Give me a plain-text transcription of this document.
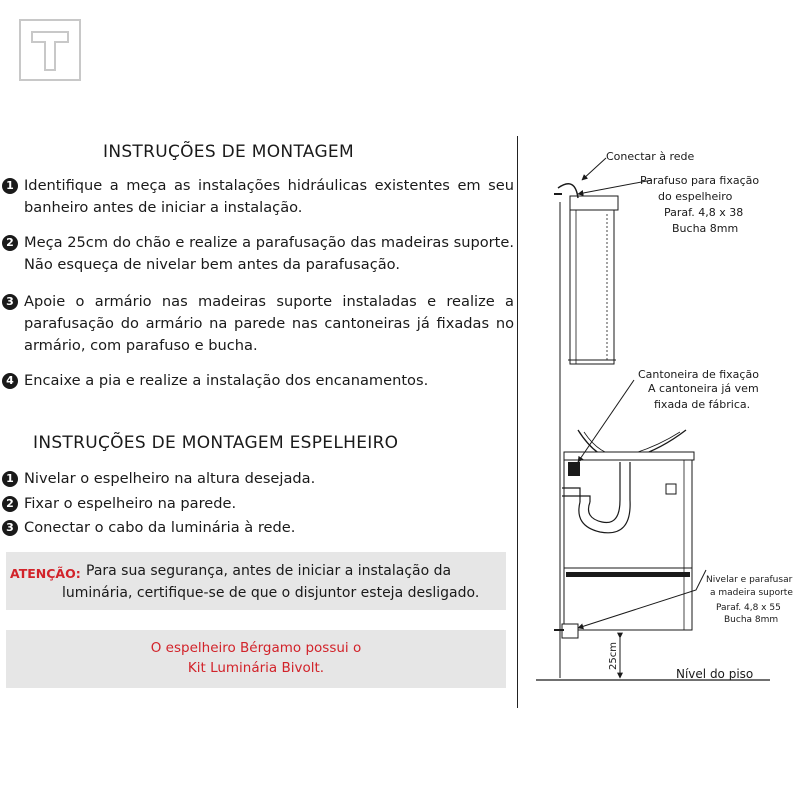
INSTRUÇÕES DE MONTAGEM
1 Identifique a meça as instalações hidráulicas existentes em seu banheiro antes de iniciar a instalação.
2 Meça 25cm do chão e realize a parafusação das madeiras suporte. Não esqueça de nivelar bem antes da parafusação.
3 Apoie o armário nas madeiras suporte instaladas e realize a parafusação do armário na parede nas cantoneiras já fixadas no armário, com parafuso e bucha.
4 Encaixe a pia e realize a instalação dos encanamentos.
INSTRUÇÕES DE MONTAGEM ESPELHEIRO
1 Nivelar o espelheiro na altura desejada.
2 Fixar o espelheiro na parede.
3 Conectar o cabo da luminária à rede.
ATENÇÃO: Para sua segurança, antes de iniciar a instalação da
luminária, certifique-se de que o disjuntor esteja desligado.
O espelheiro Bérgamo possui o
Kit Luminária Bivolt.	25cm
Conectar à rede
Parafuso para fixação
do espelheiro
Paraf. 4,8 x 38
Bucha 8mm
Cantoneira de fixação
A cantoneira já vem
fixada de fábrica.
Nivelar e parafusar
a madeira suporte
Paraf. 4,8 x 55
Bucha 8mm
Nível do piso
